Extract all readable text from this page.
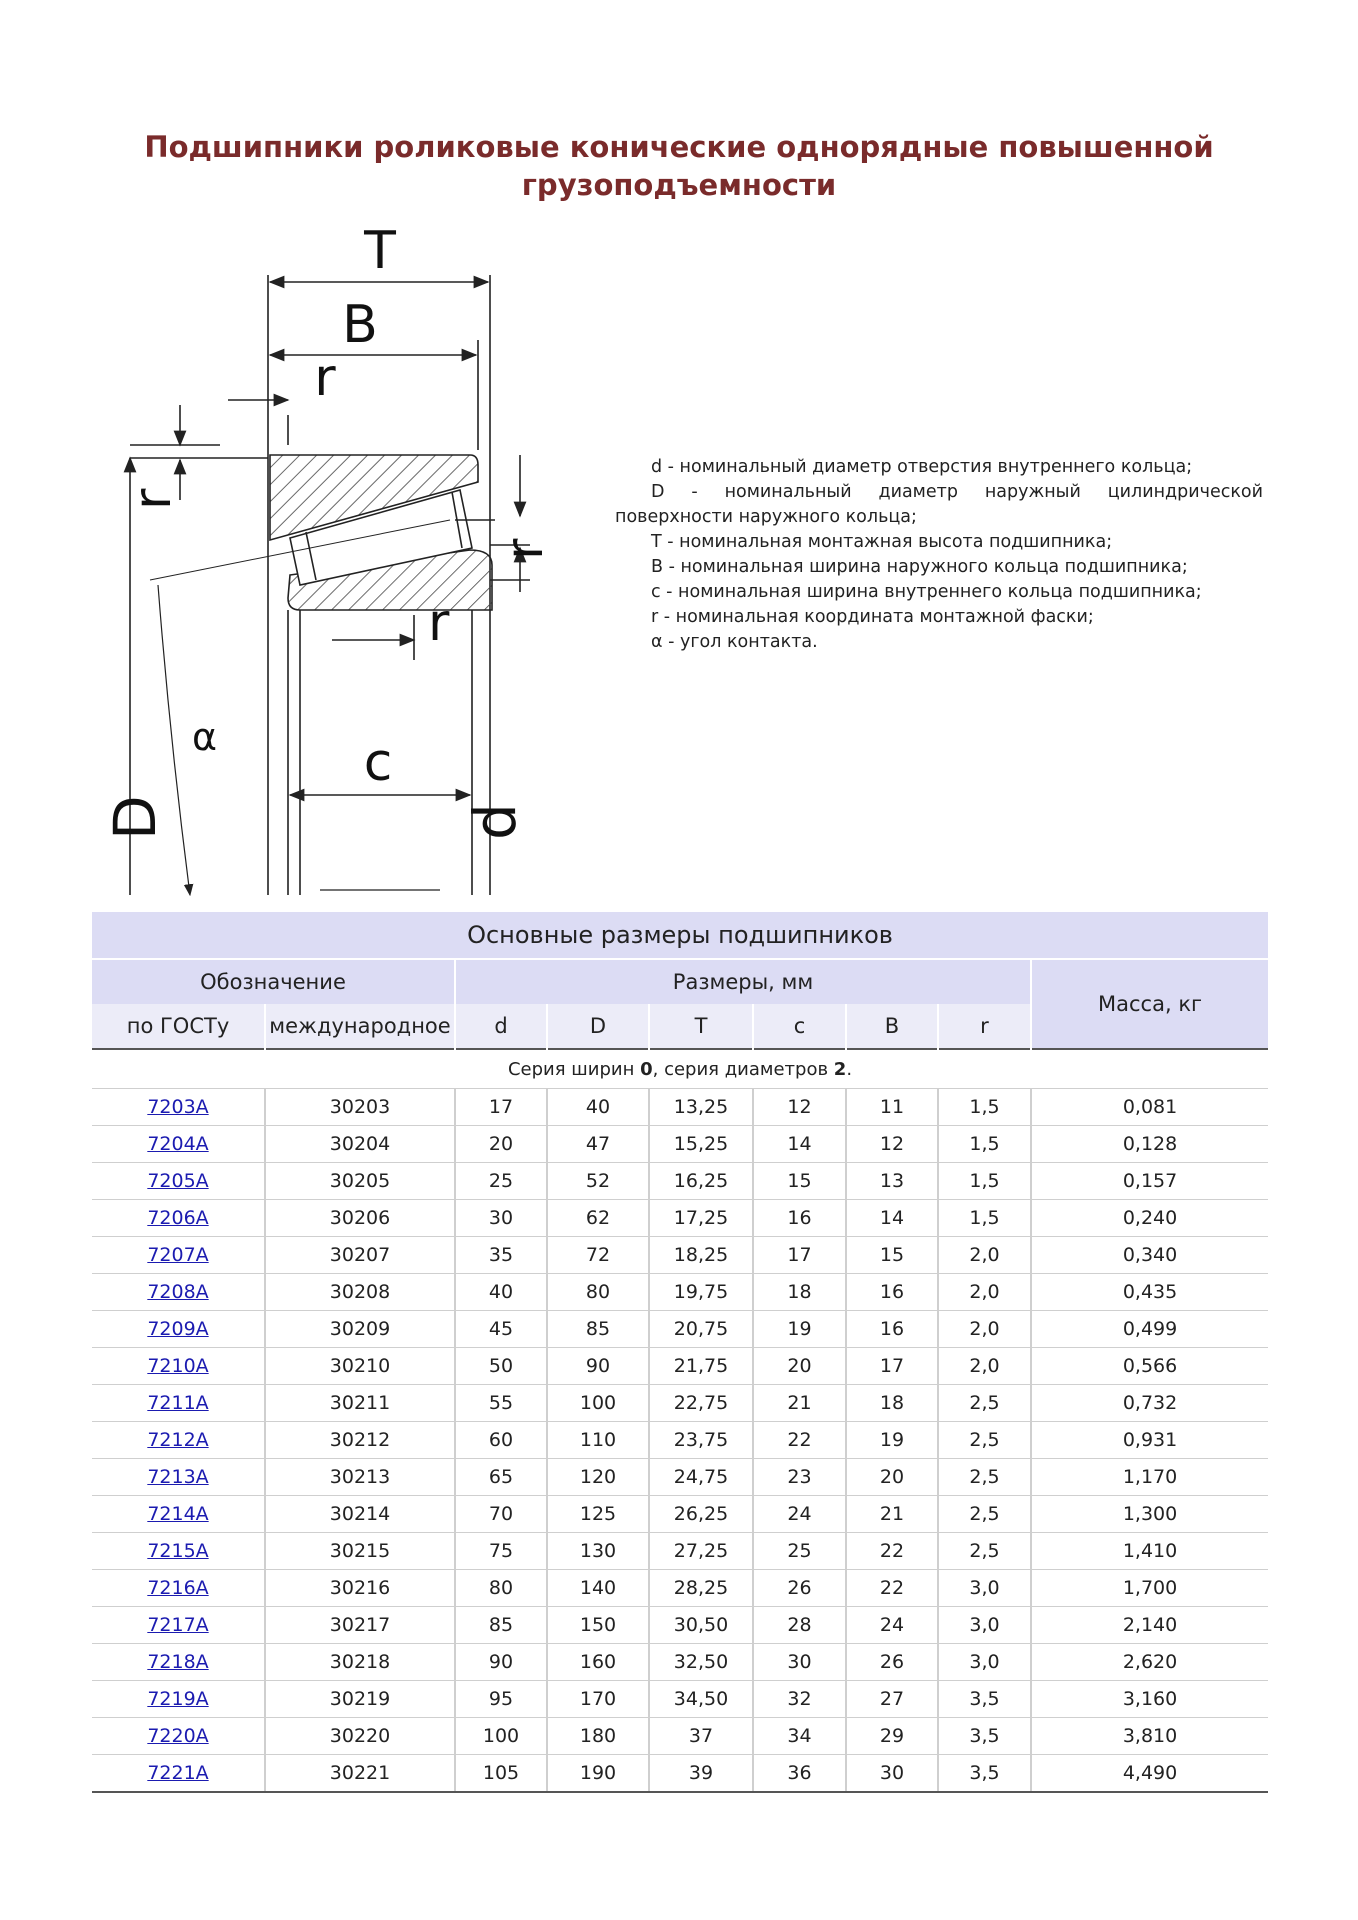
Подшипники роликовые конические однорядные повышенной
грузоподъемности
T
B
r
r
r
r
D	d
c
α

d - номинальный диаметр отверстия внутреннего кольца;

D - номинальный диаметр наружный цилиндрической

поверхности наружного кольца;

T - номинальная монтажная высота подшипника;

B - номинальная ширина наружного кольца подшипника;

c - номинальная ширина внутреннего кольца подшипника;

r - номинальная координата монтажной фаски;

α - угол контакта.

Основные размеры подшипников								
Обозначение		Размеры, мм						Масса, кг
по ГОСТу	международное	d	D	T	c	B	r	
Серия ширин 0, серия диаметров 2.								
7203A	30203	17	40	13,25	12	11	1,5	0,081
7204A	30204	20	47	15,25	14	12	1,5	0,128
7205A	30205	25	52	16,25	15	13	1,5	0,157
7206A	30206	30	62	17,25	16	14	1,5	0,240
7207A	30207	35	72	18,25	17	15	2,0	0,340
7208A	30208	40	80	19,75	18	16	2,0	0,435
7209A	30209	45	85	20,75	19	16	2,0	0,499
7210A	30210	50	90	21,75	20	17	2,0	0,566
7211A	30211	55	100	22,75	21	18	2,5	0,732
7212A	30212	60	110	23,75	22	19	2,5	0,931
7213A	30213	65	120	24,75	23	20	2,5	1,170
7214A	30214	70	125	26,25	24	21	2,5	1,300
7215A	30215	75	130	27,25	25	22	2,5	1,410
7216A	30216	80	140	28,25	26	22	3,0	1,700
7217A	30217	85	150	30,50	28	24	3,0	2,140
7218A	30218	90	160	32,50	30	26	3,0	2,620
7219A	30219	95	170	34,50	32	27	3,5	3,160
7220A	30220	100	180	37	34	29	3,5	3,810
7221A	30221	105	190	39	36	30	3,5	4,490
